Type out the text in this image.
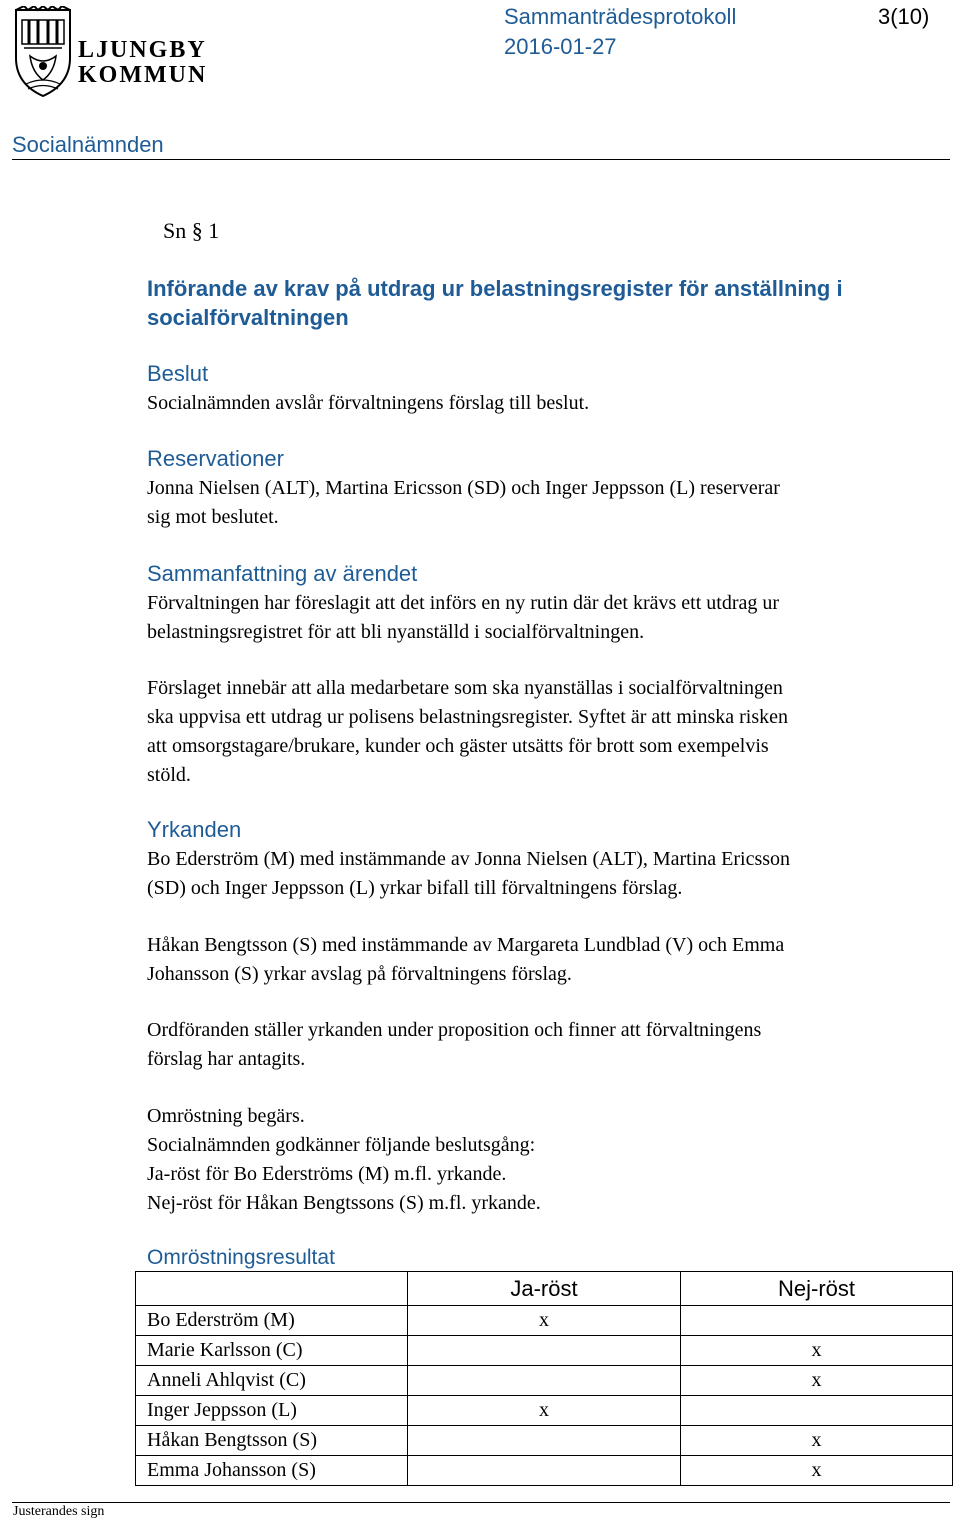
LJUNGBY
KOMMUN
Sammanträdesprotokoll	3(10)
2016-01-27
Socialnämnden
Sn § 1
Införande av krav på utdrag ur belastningsregister för anställning i
socialförvaltningen
Beslut
Socialnämnden avslår förvaltningens förslag till beslut.
Reservationer
Jonna Nielsen (ALT), Martina Ericsson (SD) och Inger Jeppsson (L) reserverar
sig mot beslutet.
Sammanfattning av ärendet
Förvaltningen har föreslagit att det införs en ny rutin där det krävs ett utdrag ur
belastningsregistret för att bli nyanställd i socialförvaltningen.
Förslaget innebär att alla medarbetare som ska nyanställas i socialförvaltningen
ska uppvisa ett utdrag ur polisens belastningsregister. Syftet är att minska risken
att omsorgstagare/brukare, kunder och gäster utsätts för brott som exempelvis
stöld.
Yrkanden
Bo Ederström (M) med instämmande av Jonna Nielsen (ALT), Martina Ericsson
(SD) och Inger Jeppsson (L) yrkar bifall till förvaltningens förslag.
Håkan Bengtsson (S) med instämmande av Margareta Lundblad (V) och Emma
Johansson (S) yrkar avslag på förvaltningens förslag.
Ordföranden ställer yrkanden under proposition och finner att förvaltningens
förslag har antagits.
Omröstning begärs.
Socialnämnden godkänner följande beslutsgång:
Ja-röst för Bo Ederströms (M) m.fl. yrkande.
Nej-röst för Håkan Bengtssons (S) m.fl. yrkande.
Omröstningsresultat
	Ja-röst	Nej-röst
Bo Ederström (M)	x	
Marie Karlsson (C)		x
Anneli Ahlqvist (C)		x
Inger Jeppsson (L)	x	
Håkan Bengtsson (S)		x
Emma Johansson (S)		x
Justerandes sign
